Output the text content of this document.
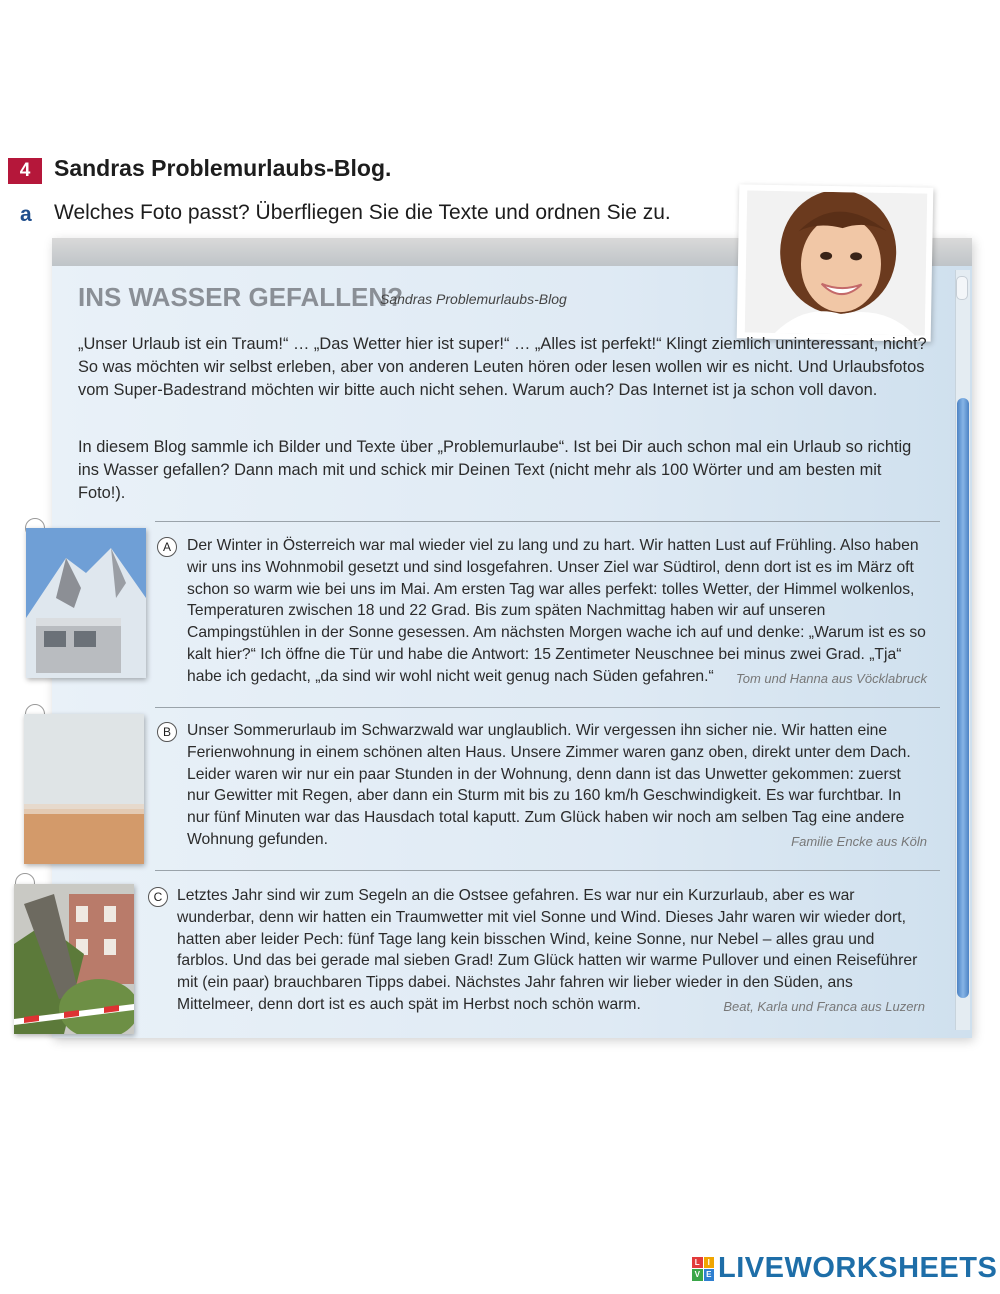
4	Sandras Problemurlaubs-Blog.
a Welches Foto passt? Überfliegen Sie die Texte und ordnen Sie zu.
INS WASSER GEFALLEN?
Sandras Problemurlaubs-Blog

„Unser Urlaub ist ein Traum!“ … „Das Wetter hier ist super!“ … „Alles ist perfekt!“ Klingt ziemlich uninteressant, nicht? So was möchten wir selbst erleben, aber von anderen Leuten hören oder lesen wollen wir es nicht. Und Urlaubsfotos vom Super-Badestrand möchten wir bitte auch nicht sehen. Warum auch? Das Internet ist ja schon voll davon.

In diesem Blog sammle ich Bilder und Texte über „Problemurlaube“. Ist bei Dir auch schon mal ein Urlaub so richtig ins Wasser gefallen? Dann mach mit und schick mir Deinen Text (nicht mehr als 100 Wörter und am besten mit Foto!).

A	Der Winter in Österreich war mal wieder viel zu lang und zu hart. Wir hatten Lust auf Frühling. Also haben wir uns ins Wohnmobil gesetzt und sind losgefahren. Unser Ziel war Südtirol, denn dort ist es im März oft schon so warm wie bei uns im Mai. Am ersten Tag war alles perfekt: tolles Wetter, der Himmel wolkenlos, Temperaturen zwischen 18 und 22 Grad. Bis zum späten Nachmittag haben wir auf unseren Campingstühlen in der Sonne gesessen. Am nächsten Morgen wache ich auf und denke: „Warum ist es so kalt hier?“ Ich öffne die Tür und habe die Antwort: 15 Zentimeter Neuschnee bei minus zwei Grad. „Tja“ habe ich gedacht, „da sind wir wohl nicht weit genug nach Süden gefahren.“ Tom und Hanna aus Vöcklabruck

B	Unser Sommerurlaub im Schwarzwald war unglaublich. Wir vergessen ihn sicher nie. Wir hatten eine Ferienwohnung in einem schönen alten Haus. Unsere Zimmer waren ganz oben, direkt unter dem Dach. Leider waren wir nur ein paar Stunden in der Wohnung, denn dann ist das Unwetter gekommen: zuerst nur Gewitter mit Regen, aber dann ein Sturm mit bis zu 160 km/h Geschwindigkeit. Es war furchtbar. In nur fünf Minuten war das Hausdach total kaputt. Zum Glück haben wir noch am selben Tag eine andere Wohnung gefunden.	Familie Encke aus Köln

C Letztes Jahr sind wir zum Segeln an die Ostsee gefahren. Es war nur ein Kurzurlaub, aber es war wunderbar, denn wir hatten ein Traumwetter mit viel Sonne und Wind. Dieses Jahr waren wir wieder dort, hatten aber leider Pech: fünf Tage lang kein bisschen Wind, keine Sonne, nur Nebel – alles grau und farblos. Und das bei gerade mal sieben Grad! Zum Glück hatten wir warme Pullover und einen Reiseführer mit (ein paar) brauchbaren Tipps dabei. Nächstes Jahr fahren wir lieber wieder in den Süden, ans Mittelmeer, denn dort ist es auch spät im Herbst noch schön warm.	Beat, Karla und Franca aus Luzern

L I
V E LIVEWORKSHEETS
